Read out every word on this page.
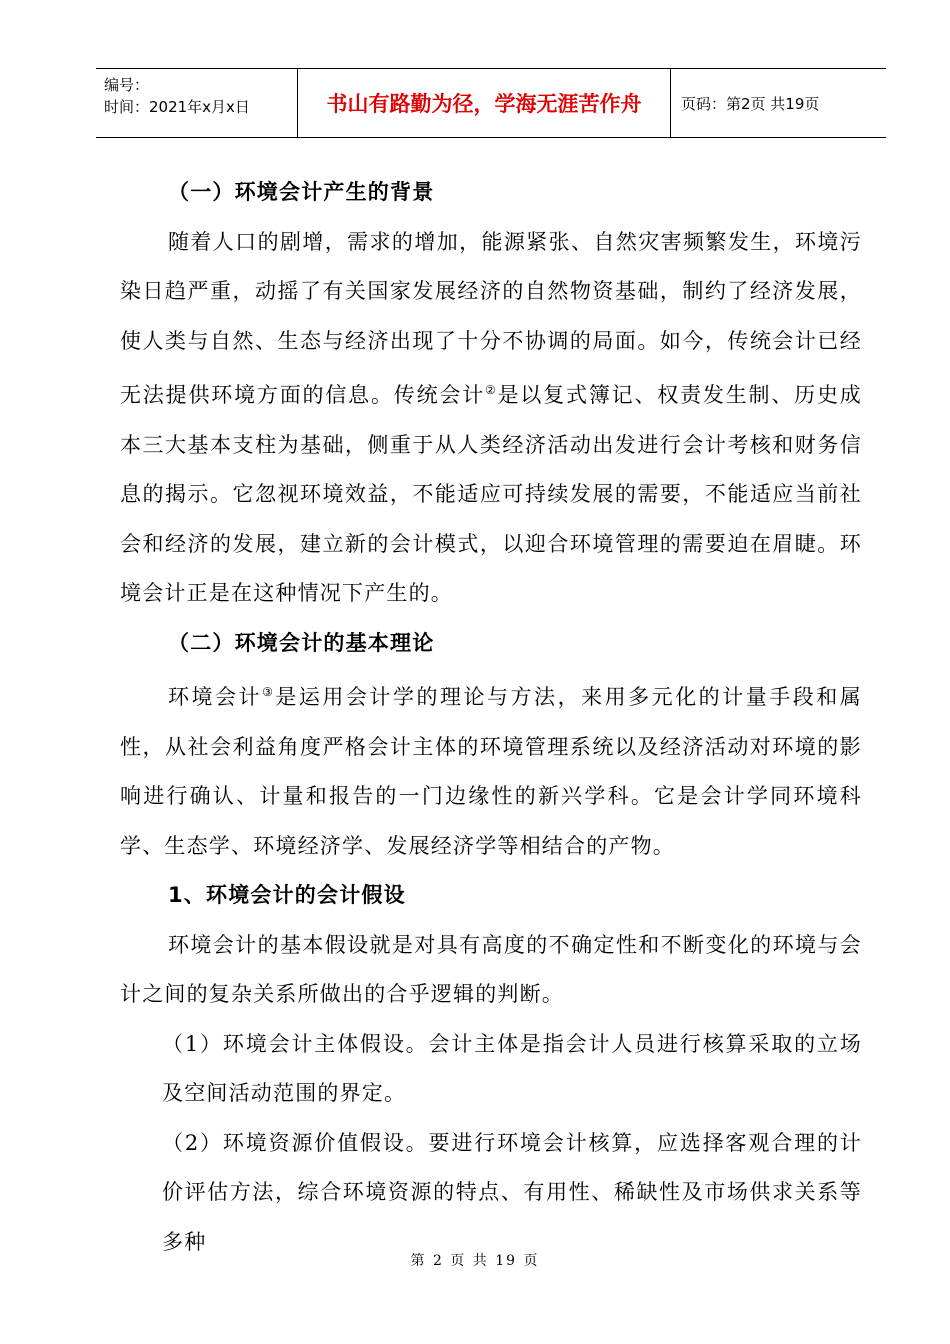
编号：
时间：2021年x月x日	书山有路勤为径，学海无涯苦作舟	页码：第2页 共19页

（一）环境会计产生的背景

随着人口的剧增，需求的增加，能源紧张、自然灾害频繁发生，环境污染日趋严重，动摇了有关国家发展经济的自然物资基础，制约了经济发展，使人类与自然、生态与经济出现了十分不协调的局面。如今，传统会计已经无法提供环境方面的信息。传统会计②是以复式簿记、权责发生制、历史成本三大基本支柱为基础，侧重于从人类经济活动出发进行会计考核和财务信息的揭示。它忽视环境效益，不能适应可持续发展的需要，不能适应当前社会和经济的发展，建立新的会计模式，以迎合环境管理的需要迫在眉睫。环境会计正是在这种情况下产生的。

（二）环境会计的基本理论

环境会计③是运用会计学的理论与方法，来用多元化的计量手段和属性，从社会利益角度严格会计主体的环境管理系统以及经济活动对环境的影响进行确认、计量和报告的一门边缘性的新兴学科。它是会计学同环境科学、生态学、环境经济学、发展经济学等相结合的产物。

1、环境会计的会计假设

环境会计的基本假设就是对具有高度的不确定性和不断变化的环境与会计之间的复杂关系所做出的合乎逻辑的判断。

（1）环境会计主体假设。会计主体是指会计人员进行核算采取的立场及空间活动范围的界定。

（2）环境资源价值假设。要进行环境会计核算，应选择客观合理的计价评估方法，综合环境资源的特点、有用性、稀缺性及市场供求关系等多种

第 2 页 共 19 页
